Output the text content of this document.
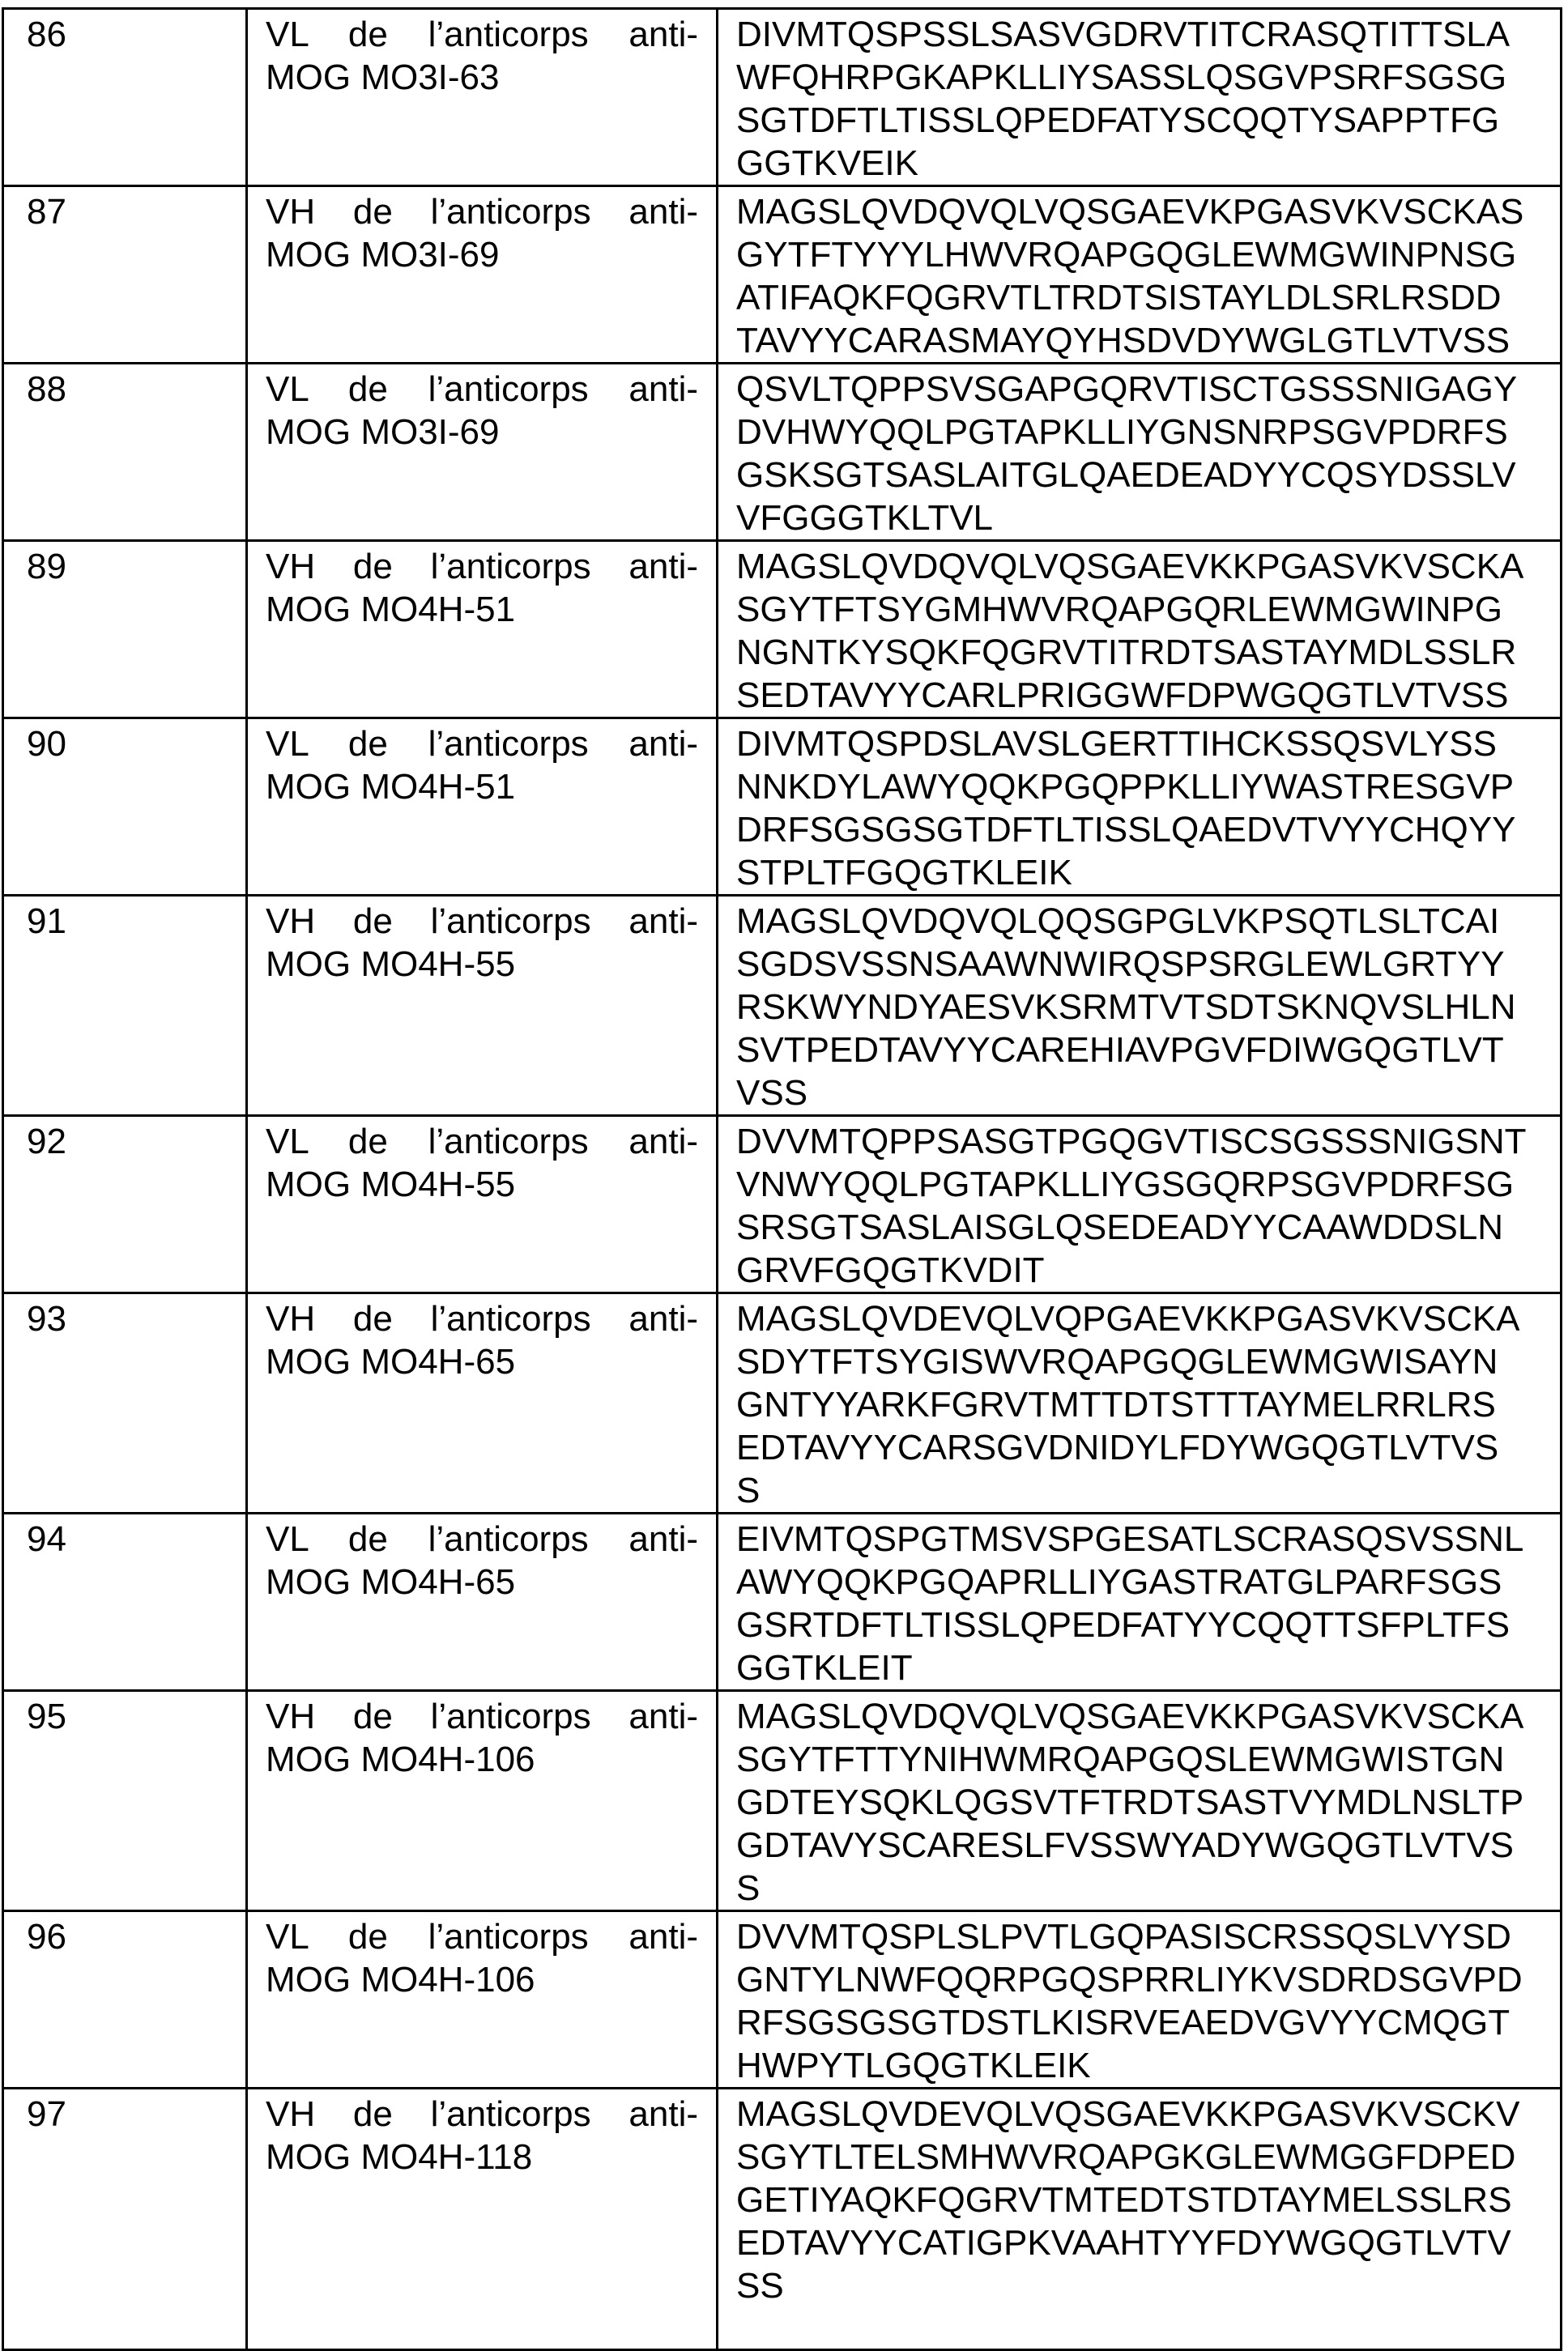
86	VL de l’anticorps anti-
MOG MO3I-63

DIVMTQSPSSLSASVGDRVTITCRASQTITTSLA
WFQHRPGKAPKLLIYSASSLQSGVPSRFSGSG
SGTDFTLTISSLQPEDFATYSCQQTYSAPPTFG
GGTKVEIK

87	VH de l’anticorps anti-
MOG MO3I-69

MAGSLQVDQVQLVQSGAEVKPGASVKVSCKAS
GYTFTYYYLHWVRQAPGQGLEWMGWINPNSG
ATIFAQKFQGRVTLTRDTSISTAYLDLSRLRSDD
TAVYYCARASMAYQYHSDVDYWGLGTLVTVSS

88	VL de l’anticorps anti-
MOG MO3I-69

QSVLTQPPSVSGAPGQRVTISCTGSSSNIGAGY
DVHWYQQLPGTAPKLLIYGNSNRPSGVPDRFS
GSKSGTSASLAITGLQAEDEADYYCQSYDSSLV
VFGGGTKLTVL

89	VH de l’anticorps anti-
MOG MO4H-51

MAGSLQVDQVQLVQSGAEVKKPGASVKVSCKA
SGYTFTSYGMHWVRQAPGQRLEWMGWINPG
NGNTKYSQKFQGRVTITRDTSASTAYMDLSSLR
SEDTAVYYCARLPRIGGWFDPWGQGTLVTVSS

90	VL de l’anticorps anti-
MOG MO4H-51

DIVMTQSPDSLAVSLGERTTIHCKSSQSVLYSS
NNKDYLAWYQQKPGQPPKLLIYWASTRESGVP
DRFSGSGSGTDFTLTISSLQAEDVTVYYCHQYY
STPLTFGQGTKLEIK

91	VH de l’anticorps anti-
MOG MO4H-55

MAGSLQVDQVQLQQSGPGLVKPSQTLSLTCAI
SGDSVSSNSAAWNWIRQSPSRGLEWLGRTYY
RSKWYNDYAESVKSRMTVTSDTSKNQVSLHLN
SVTPEDTAVYYCAREHIAVPGVFDIWGQGTLVT
VSS

92	VL de l’anticorps anti-
MOG MO4H-55

DVVMTQPPSASGTPGQGVTISCSGSSSNIGSNT
VNWYQQLPGTAPKLLIYGSGQRPSGVPDRFSG
SRSGTSASLAISGLQSEDEADYYCAAWDDSLN
GRVFGQGTKVDIT

93	VH de l’anticorps anti-
MOG MO4H-65

MAGSLQVDEVQLVQPGAEVKKPGASVKVSCKA
SDYTFTSYGISWVRQAPGQGLEWMGWISAYN
GNTYYARKFGRVTMTTDTSTTTAYMELRRLRS
EDTAVYYCARSGVDNIDYLFDYWGQGTLVTVS
S

94	VL de l’anticorps anti-
MOG MO4H-65

EIVMTQSPGTMSVSPGESATLSCRASQSVSSNL
AWYQQKPGQAPRLLIYGASTRATGLPARFSGS
GSRTDFTLTISSLQPEDFATYYCQQTTSFPLTFS
GGTKLEIT

95	VH de l’anticorps anti-
MOG MO4H-106

MAGSLQVDQVQLVQSGAEVKKPGASVKVSCKA
SGYTFTTYNIHWMRQAPGQSLEWMGWISTGN
GDTEYSQKLQGSVTFTRDTSASTVYMDLNSLTP
GDTAVYSCARESLFVSSWYADYWGQGTLVTVS
S

96	VL de l’anticorps anti-
MOG MO4H-106

DVVMTQSPLSLPVTLGQPASISCRSSQSLVYSD
GNTYLNWFQQRPGQSPRRLIYKVSDRDSGVPD
RFSGSGSGTDSTLKISRVEAEDVGVYYCMQGT
HWPYTLGQGTKLEIK

97	VH de l’anticorps anti-
MOG MO4H-118

MAGSLQVDEVQLVQSGAEVKKPGASVKVSCKV
SGYTLTELSMHWVRQAPGKGLEWMGGFDPED
GETIYAQKFQGRVTMTEDTSTDTAYMELSSLRS
EDTAVYYCATIGPKVAAHTYYFDYWGQGTLVTV
SS
